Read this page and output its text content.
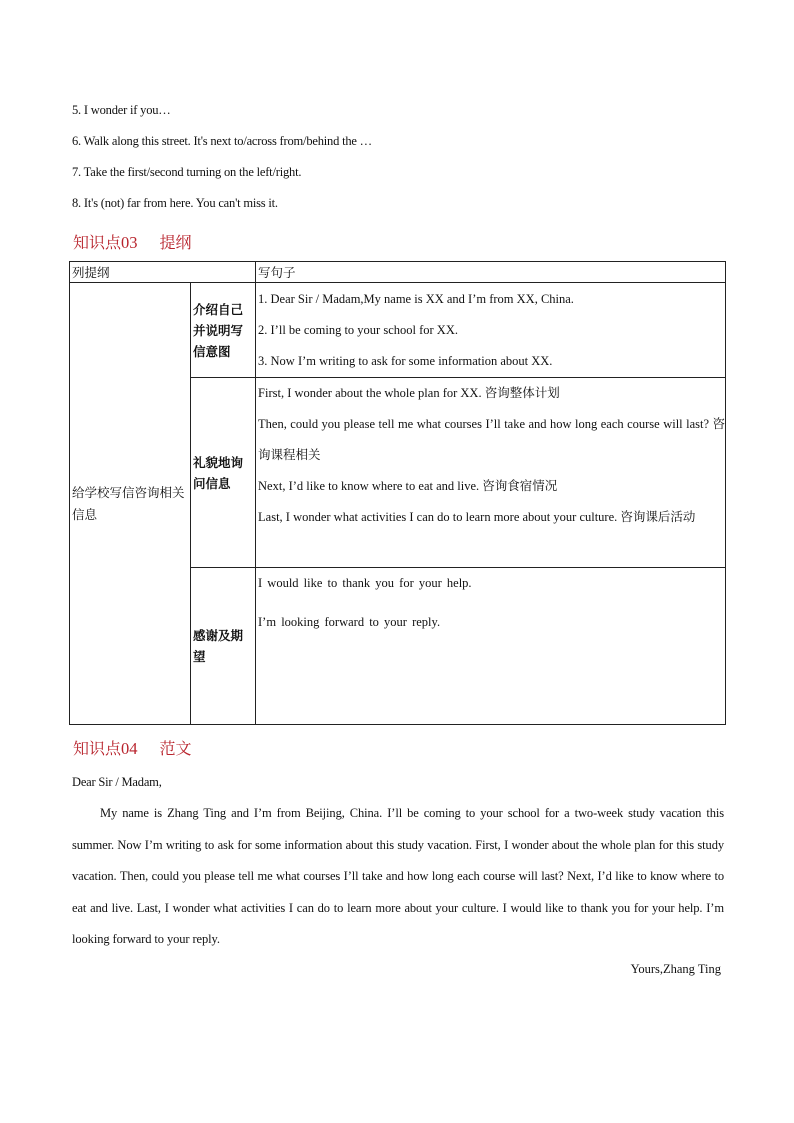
5. I wonder if you…
6. Walk along this street. It's next to/across from/behind the …
7. Take the first/second turning on the left/right.
8. It's (not) far from here. You can't miss it.
知识点03 提纲
列提纲		写句子
给学校写信咨询相关信息	介绍自己并说明写信意图	1. Dear Sir / Madam,My name is XX and I’m from XX, China.
2. I’ll be coming to your school for XX.
3. Now I’m writing to ask for some information about XX.

	礼貌地询问信息	First, I wonder about the whole plan for XX. 咨询整体计划
Then, could you please tell me what courses I’ll take and how long each course will last? 咨询课程相关
Next, I’d like to know where to eat and live. 咨询食宿情况
Last, I wonder what activities I can do to learn more about your culture. 咨询课后活动

	感谢及期望	I would like to thank you for your help.
I’m looking forward to your reply.
知识点04 范文
Dear Sir / Madam,
My name is Zhang Ting and I’m from Beijing, China. I’ll be coming to your school for a two-week study vacation this summer. Now I’m writing to ask for some information about this study vacation. First, I wonder about the whole plan for this study vacation. Then, could you please tell me what courses I’ll take and how long each course will last? Next, I’d like to know where to eat and live. Last, I wonder what activities I can do to learn more about your culture. I would like to thank you for your help. I’m looking forward to your reply.
Yours,Zhang Ting
